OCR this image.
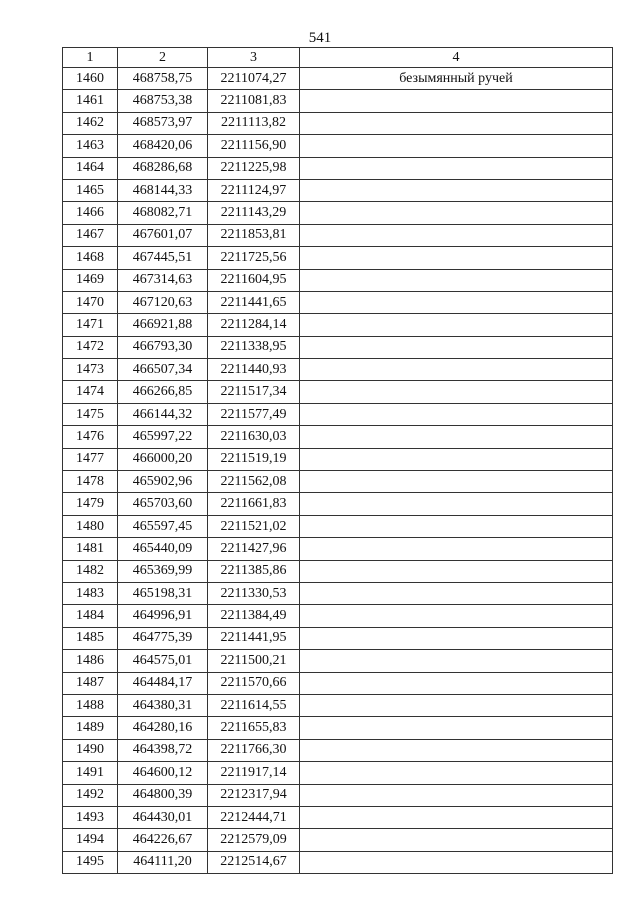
541
1	2	3	4
1460	468758,75	2211074,27	безымянный ручей
1461	468753,38	2211081,83	
1462	468573,97	2211113,82	
1463	468420,06	2211156,90	
1464	468286,68	2211225,98	
1465	468144,33	2211124,97	
1466	468082,71	2211143,29	
1467	467601,07	2211853,81	
1468	467445,51	2211725,56	
1469	467314,63	2211604,95	
1470	467120,63	2211441,65	
1471	466921,88	2211284,14	
1472	466793,30	2211338,95	
1473	466507,34	2211440,93	
1474	466266,85	2211517,34	
1475	466144,32	2211577,49	
1476	465997,22	2211630,03	
1477	466000,20	2211519,19	
1478	465902,96	2211562,08	
1479	465703,60	2211661,83	
1480	465597,45	2211521,02	
1481	465440,09	2211427,96	
1482	465369,99	2211385,86	
1483	465198,31	2211330,53	
1484	464996,91	2211384,49	
1485	464775,39	2211441,95	
1486	464575,01	2211500,21	
1487	464484,17	2211570,66	
1488	464380,31	2211614,55	
1489	464280,16	2211655,83	
1490	464398,72	2211766,30	
1491	464600,12	2211917,14	
1492	464800,39	2212317,94	
1493	464430,01	2212444,71	
1494	464226,67	2212579,09	
1495	464111,20	2212514,67	
